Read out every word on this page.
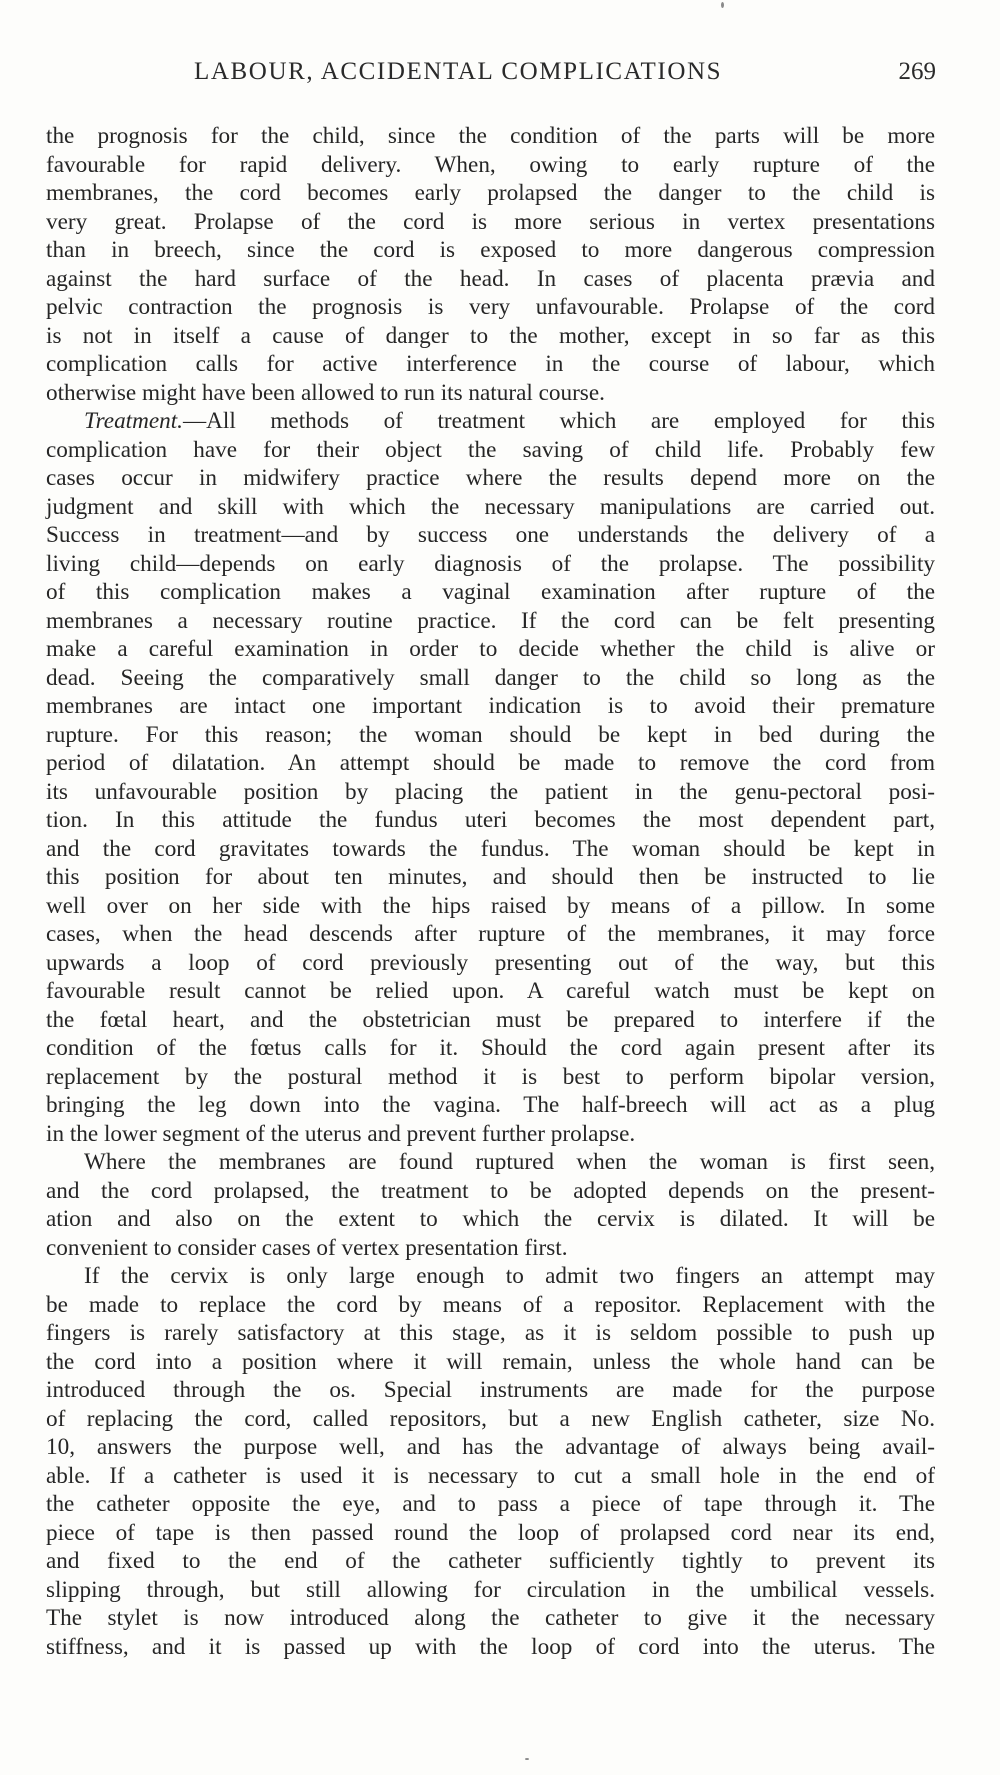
LABOUR, ACCIDENTAL COMPLICATIONS	269
the prognosis for the child, since the condition of the parts will be more
favourable for rapid delivery. When, owing to early rupture of the
membranes, the cord becomes early prolapsed the danger to the child is
very great. Prolapse of the cord is more serious in vertex presentations
than in breech, since the cord is exposed to more dangerous compression
against the hard surface of the head. In cases of placenta prævia and
pelvic contraction the prognosis is very unfavourable. Prolapse of the cord
is not in itself a cause of danger to the mother, except in so far as this
complication calls for active interference in the course of labour, which
otherwise might have been allowed to run its natural course.
Treatment.—All methods of treatment which are employed for this
complication have for their object the saving of child life. Probably few
cases occur in midwifery practice where the results depend more on the
judgment and skill with which the necessary manipulations are carried out.
Success in treatment—and by success one understands the delivery of a
living child—depends on early diagnosis of the prolapse. The possibility
of this complication makes a vaginal examination after rupture of the
membranes a necessary routine practice. If the cord can be felt presenting
make a careful examination in order to decide whether the child is alive or
dead. Seeing the comparatively small danger to the child so long as the
membranes are intact one important indication is to avoid their premature
rupture. For this reason; the woman should be kept in bed during the
period of dilatation. An attempt should be made to remove the cord from
its unfavourable position by placing the patient in the genu-pectoral posi-
tion. In this attitude the fundus uteri becomes the most dependent part,
and the cord gravitates towards the fundus. The woman should be kept in
this position for about ten minutes, and should then be instructed to lie
well over on her side with the hips raised by means of a pillow. In some
cases, when the head descends after rupture of the membranes, it may force
upwards a loop of cord previously presenting out of the way, but this
favourable result cannot be relied upon. A careful watch must be kept on
the fœtal heart, and the obstetrician must be prepared to interfere if the
condition of the fœtus calls for it. Should the cord again present after its
replacement by the postural method it is best to perform bipolar version,
bringing the leg down into the vagina. The half-breech will act as a plug
in the lower segment of the uterus and prevent further prolapse.
Where the membranes are found ruptured when the woman is first seen,
and the cord prolapsed, the treatment to be adopted depends on the present-
ation and also on the extent to which the cervix is dilated. It will be
convenient to consider cases of vertex presentation first.
If the cervix is only large enough to admit two fingers an attempt may
be made to replace the cord by means of a repositor. Replacement with the
fingers is rarely satisfactory at this stage, as it is seldom possible to push up
the cord into a position where it will remain, unless the whole hand can be
introduced through the os. Special instruments are made for the purpose
of replacing the cord, called repositors, but a new English catheter, size No.
10, answers the purpose well, and has the advantage of always being avail-
able. If a catheter is used it is necessary to cut a small hole in the end of
the catheter opposite the eye, and to pass a piece of tape through it. The
piece of tape is then passed round the loop of prolapsed cord near its end,
and fixed to the end of the catheter sufficiently tightly to prevent its
slipping through, but still allowing for circulation in the umbilical vessels.
The stylet is now introduced along the catheter to give it the necessary
stiffness, and it is passed up with the loop of cord into the uterus. The
